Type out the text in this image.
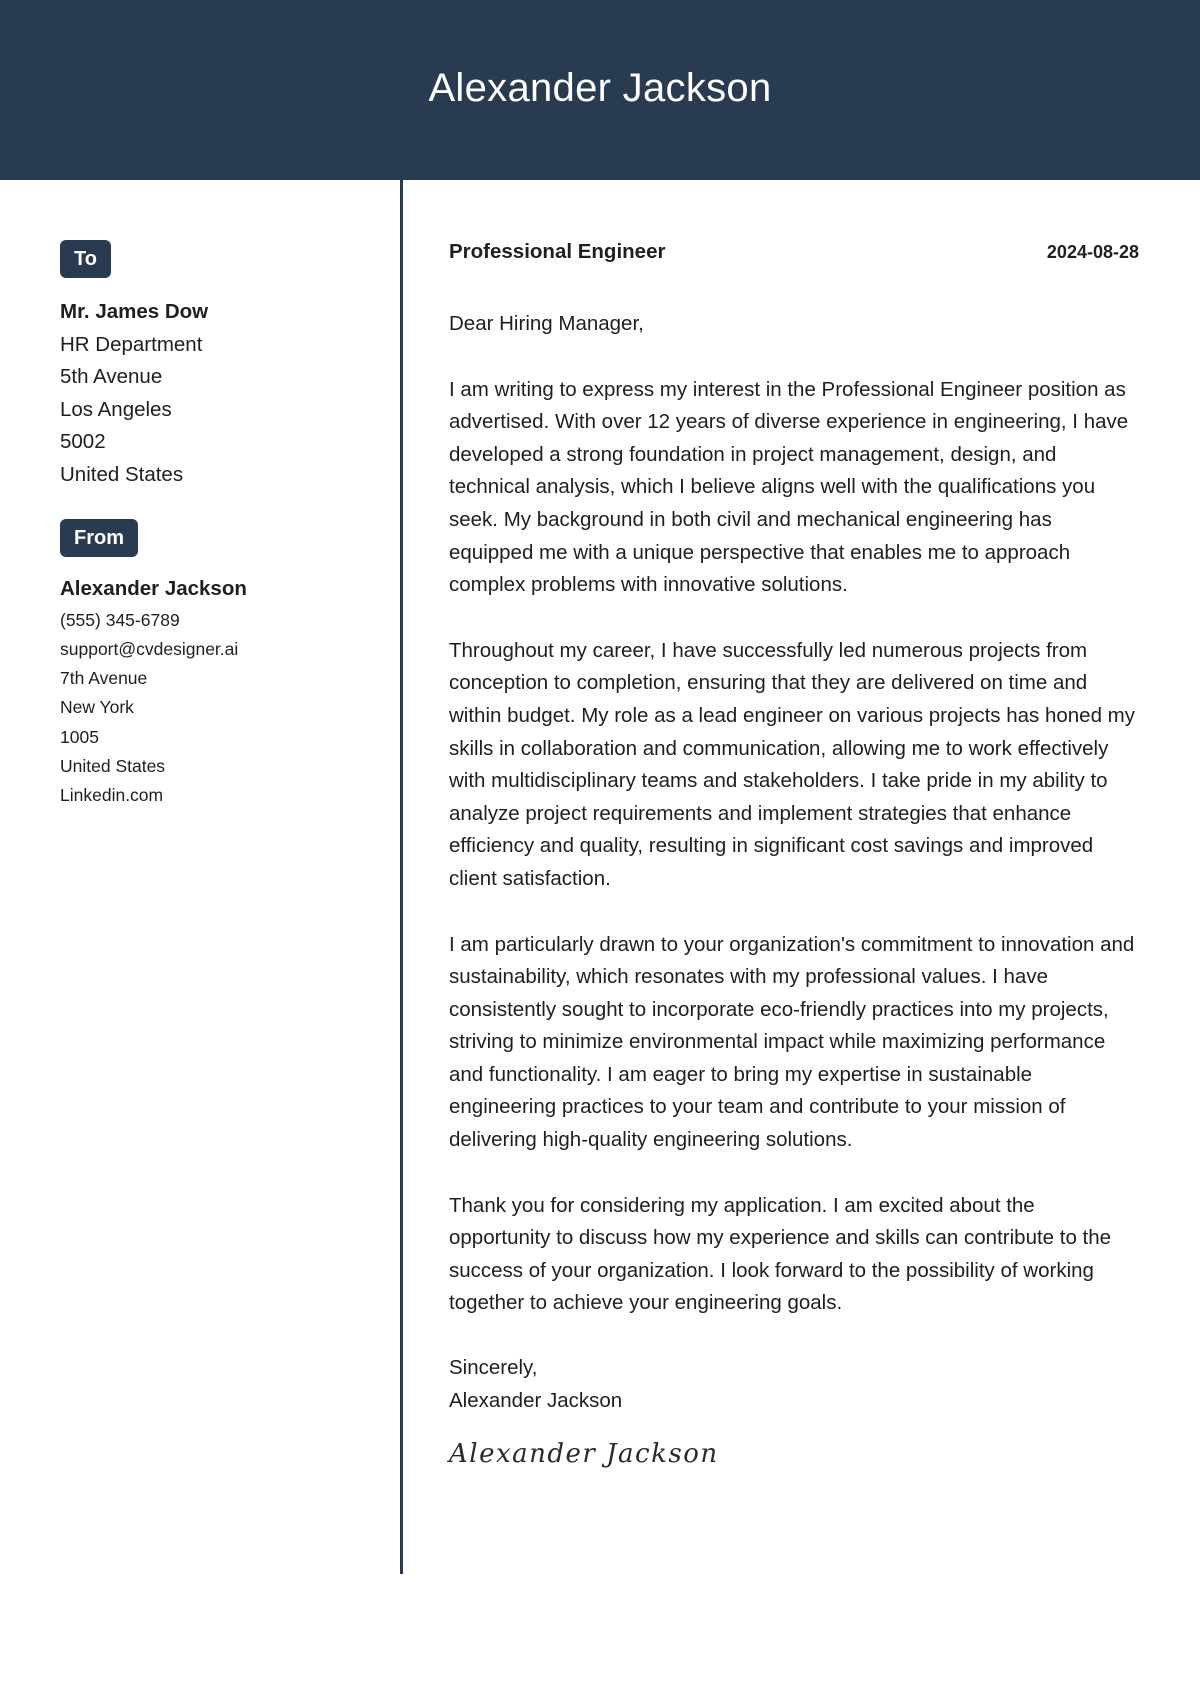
Alexander Jackson
To
Mr. James Dow
HR Department
5th Avenue
Los Angeles
5002
United States
From
Alexander Jackson
(555) 345-6789
support@cvdesigner.ai
7th Avenue
New York
1005
United States
Linkedin.com
Professional Engineer	2024-08-28
Dear Hiring Manager,
I am writing to express my interest in the Professional Engineer position as advertised. With over 12 years of diverse experience in engineering, I have developed a strong foundation in project management, design, and technical analysis, which I believe aligns well with the qualifications you seek. My background in both civil and mechanical engineering has equipped me with a unique perspective that enables me to approach complex problems with innovative solutions.
Throughout my career, I have successfully led numerous projects from conception to completion, ensuring that they are delivered on time and within budget. My role as a lead engineer on various projects has honed my skills in collaboration and communication, allowing me to work effectively with multidisciplinary teams and stakeholders. I take pride in my ability to analyze project requirements and implement strategies that enhance efficiency and quality, resulting in significant cost savings and improved client satisfaction.
I am particularly drawn to your organization's commitment to innovation and sustainability, which resonates with my professional values. I have consistently sought to incorporate eco-friendly practices into my projects, striving to minimize environmental impact while maximizing performance and functionality. I am eager to bring my expertise in sustainable engineering practices to your team and contribute to your mission of delivering high-quality engineering solutions.
Thank you for considering my application. I am excited about the opportunity to discuss how my experience and skills can contribute to the success of your organization. I look forward to the possibility of working together to achieve your engineering goals.
Sincerely,
Alexander Jackson
Alexander Jackson
